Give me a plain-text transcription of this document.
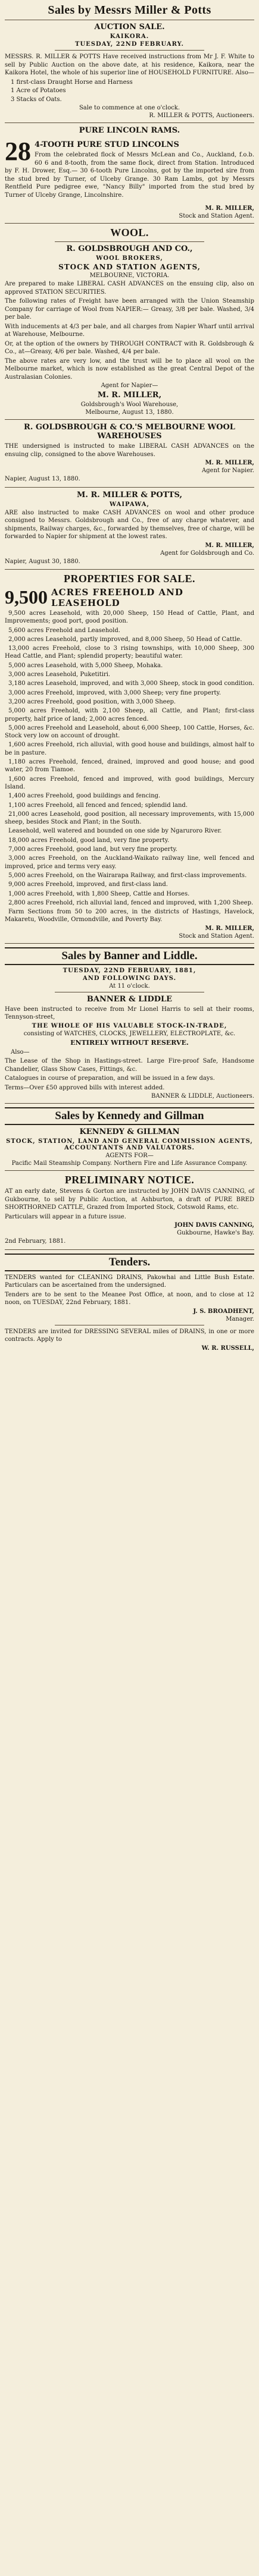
Sales by Messrs Miller & Potts
AUCTION SALE.
KAIKORA.
TUESDAY, 22ND FEBRUARY.
MESSRS. R. MILLER & POTTS Have received instructions from Mr J. F. White to sell by Public Auction on the above date, at his residence, Kaikora, near the Kaikora Hotel, the whole of his superior line of HOUSEHOLD FURNITURE. Also—
1 first-class Draught Horse and Harness
1 Acre of Potatoes
3 Stacks of Oats.
Sale to commence at one o'clock.
R. MILLER & POTTS, Auctioneers.
PURE LINCOLN RAMS.
28 4-TOOTH PURE STUD LINCOLNS
From the celebrated flock of Messrs McLean and Co., Auckland, f.o.b. 60 6 and 8-tooth, from the same flock, direct from Station. Introduced by F. H. Drower, Esq.— 30 6-tooth Pure Lincolns, got by the imported sire from the stud bred by Turner, of Ulceby Grange. 30 Ram Lambs, got by Messrs Rentfield Pure pedigree ewe, "Nancy Billy" imported from the stud bred by Turner of Ulceby Grange, Lincolnshire.
M. R. MILLER,
Stock and Station Agent.
WOOL.
R. GOLDSBROUGH AND CO.,
WOOL BROKERS,
STOCK AND STATION AGENTS,
MELBOURNE, VICTORIA.
Are prepared to make LIBERAL CASH ADVANCES on the ensuing clip, also on approved STATION SECURITIES.
The following rates of Freight have been arranged with the Union Steamship Company for carriage of Wool from NAPIER:— Greasy, 3/8 per bale. Washed, 3/4 per bale.
With inducements at 4/3 per bale, and all charges from Napier Wharf until arrival at Warehouse, Melbourne.
Or, at the option of the owners by THROUGH CONTRACT with R. Goldsbrough & Co., at—Greasy, 4/6 per bale. Washed, 4/4 per bale.
The above rates are very low, and the trust will be to place all wool on the Melbourne market, which is now established as the great Central Depot of the Australasian Colonies.
Agent for Napier—
M. R. MILLER,
Goldsbrough's Wool Warehouse,
Melbourne, August 13, 1880.
R. GOLDSBROUGH & CO.'S MELBOURNE WOOL WAREHOUSES
THE undersigned is instructed to make LIBERAL CASH ADVANCES on the ensuing clip, consigned to the above Warehouses.
M. R. MILLER,
Agent for Napier.
Napier, August 13, 1880.
M. R. MILLER & POTTS,
WAIPAWA,
ARE also instructed to make CASH ADVANCES on wool and other produce consigned to Messrs. Goldsbrough and Co., free of any charge whatever, and shipments, Railway charges, &c., forwarded by themselves, free of charge, will be forwarded to Napier for shipment at the lowest rates.
M. R. MILLER,
Agent for Goldsbrough and Co.
Napier, August 30, 1880.
PROPERTIES FOR SALE.
9,500 ACRES FREEHOLD AND LEASEHOLD
9,500 acres Leasehold, with 20,000 Sheep, 150 Head of Cattle, Plant, and Improvements; good port, good position.
5,600 acres Freehold and Leasehold.
2,000 acres Leasehold, partly improved, and 8,000 Sheep, 50 Head of Cattle.
13,000 acres Freehold, close to 3 rising townships, with 10,000 Sheep, 300 Head Cattle, and Plant; splendid property; beautiful water.
5,000 acres Leasehold, with 5,000 Sheep, Mohaka.
3,000 acres Leasehold, Puketitiri.
3,180 acres Leasehold, improved, and with 3,000 Sheep, stock in good condition.
3,000 acres Freehold, improved, with 3,000 Sheep; very fine property.
3,200 acres Freehold, good position, with 3,000 Sheep.
5,000 acres Freehold, with 2,100 Sheep, all Cattle, and Plant; first-class property, half price of land; 2,000 acres fenced.
5,000 acres Freehold and Leasehold, about 6,000 Sheep, 100 Cattle, Horses, &c. Stock very low on account of drought.
1,600 acres Freehold, rich alluvial, with good house and buildings, almost half to be in pasture.
1,180 acres Freehold, fenced, drained, improved and good house; and good water, 20 from Tiamoe.
1,600 acres Freehold, fenced and improved, with good buildings, Mercury Island.
1,400 acres Freehold, good buildings and fencing.
1,100 acres Freehold, all fenced and fenced; splendid land.
21,000 acres Leasehold, good position, all necessary improvements, with 15,000 sheep, besides Stock and Plant; in the South.
Leasehold, well watered and bounded on one side by Ngaruroro River.
18,000 acres Freehold, good land, very fine property.
7,000 acres Freehold, good land, but very fine property.
3,000 acres Freehold, on the Auckland-Waikato railway line, well fenced and improved, price and terms very easy.
5,000 acres Freehold, on the Wairarapa Railway, and first-class improvements.
9,000 acres Freehold, improved, and first-class land.
1,000 acres Freehold, with 1,800 Sheep, Cattle and Horses.
2,800 acres Freehold, rich alluvial land, fenced and improved, with 1,200 Sheep.
Farm Sections from 50 to 200 acres, in the districts of Hastings, Havelock, Makaretu, Woodville, Ormondville, and Poverty Bay.
M. R. MILLER,
Stock and Station Agent.
Sales by Banner and Liddle.
TUESDAY, 22ND FEBRUARY, 1881,
AND FOLLOWING DAYS.
At 11 o'clock.
BANNER & LIDDLE
Have been instructed to receive from Mr Lionel Harris to sell at their rooms, Tennyson-street,
THE WHOLE OF HIS VALUABLE STOCK-IN-TRADE,
consisting of WATCHES, CLOCKS, JEWELLERY, ELECTROPLATE, &c.
ENTIRELY WITHOUT RESERVE.
Also—
The Lease of the Shop in Hastings-street. Large Fire-proof Safe, Handsome Chandelier, Glass Show Cases, Fittings, &c.
Catalogues in course of preparation, and will be issued in a few days.
Terms—Over £50 approved bills with interest added.
BANNER & LIDDLE, Auctioneers.
Sales by Kennedy and Gillman
KENNEDY & GILLMAN
STOCK, STATION, LAND AND GENERAL COMMISSION AGENTS, ACCOUNTANTS AND VALUATORS.
AGENTS FOR—
Pacific Mail Steamship Company. Northern Fire and Life Assurance Company.
PRELIMINARY NOTICE.
AT an early date, Stevens & Gorton are instructed by JOHN DAVIS CANNING, of Gukbourne, to sell by Public Auction, at Ashburton, a draft of PURE BRED SHORTHORNED CATTLE, Grazed from Imported Stock, Cotswold Rams, etc.
Particulars will appear in a future issue.
JOHN DAVIS CANNING,
Gukbourne, Hawke's Bay.
2nd February, 1881.
Tenders.
TENDERS wanted for CLEANING DRAINS, Pakowhai and Little Bush Estate. Particulars can be ascertained from the undersigned.
Tenders are to be sent to the Meanee Post Office, at noon, and to close at 12 noon, on TUESDAY, 22nd February, 1881.
J. S. BROADHENT,
Manager.
TENDERS are invited for DRESSING SEVERAL miles of DRAINS, in one or more contracts. Apply to
W. R. RUSSELL,
